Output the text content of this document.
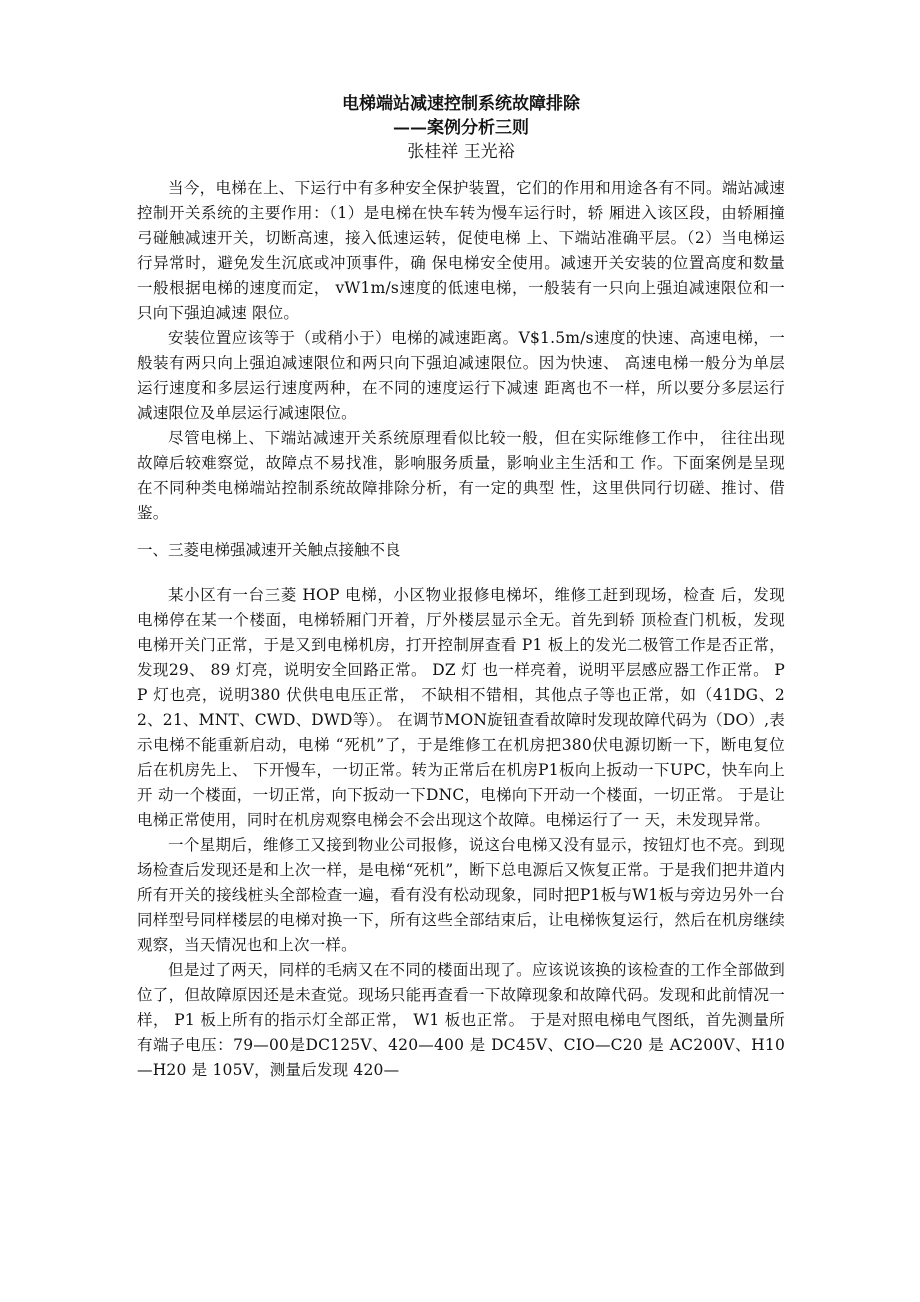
电梯端站减速控制系统故障排除

——案例分析三则

张桂祥 王光裕

当今，电梯在上、下运行中有多种安全保护装置，它们的作用和用途各有不同。端站减速控制开关系统的主要作用：（1）是电梯在快车转为慢车运行时，轿 厢进入该区段，由轿厢撞弓碰触减速开关，切断高速，接入低速运转，促使电梯 上、下端站准确平层。（2）当电梯运行异常时，避免发生沉底或冲顶事件，确 保电梯安全使用。减速开关安装的位置高度和数量一般根据电梯的速度而定， vW1m/s速度的低速电梯，一般装有一只向上强迫减速限位和一只向下强迫减速 限位。

安装位置应该等于（或稍小于）电梯的减速距离。V$1.5m/s速度的快速、高速电梯，一般装有两只向上强迫减速限位和两只向下强迫减速限位。因为快速、 高速电梯一般分为单层运行速度和多层运行速度两种，在不同的速度运行下减速 距离也不一样，所以要分多层运行减速限位及单层运行减速限位。

尽管电梯上、下端站减速开关系统原理看似比较一般，但在实际维修工作中， 往往出现故障后较难察觉，故障点不易找准，影响服务质量，影响业主生活和工 作。下面案例是呈现在不同种类电梯端站控制系统故障排除分析，有一定的典型 性，这里供同行切磋、推讨、借鉴。

一、三菱电梯强减速开关触点接触不良

某小区有一台三菱 HOP 电梯，小区物业报修电梯坏，维修工赶到现场，检查 后，发现电梯停在某一个楼面，电梯轿厢门开着，厅外楼层显示全无。首先到轿 顶检查门机板，发现电梯开关门正常，于是又到电梯机房，打开控制屏查看 P1 板上的发光二极管工作是否正常，发现29、 89 灯亮，说明安全回路正常。 DZ 灯 也一样亮着，说明平层感应器工作正常。 PP 灯也亮，说明380 伏供电电压正常， 不缺相不错相，其他点子等也正常，如（41DG、22、21、MNT、CWD、DWD等）。 在调节MON旋钮查看故障时发现故障代码为（DO）,表示电梯不能重新启动，电梯 “死机”了，于是维修工在机房把380伏电源切断一下，断电复位后在机房先上、 下开慢车，一切正常。转为正常后在机房P1板向上扳动一下UPC，快车向上开 动一个楼面，一切正常，向下扳动一下DNC，电梯向下开动一个楼面，一切正常。 于是让电梯正常使用，同时在机房观察电梯会不会出现这个故障。电梯运行了一 天，未发现异常。

一个星期后，维修工又接到物业公司报修，说这台电梯又没有显示，按钮灯也不亮。到现场检查后发现还是和上次一样，是电梯“死机”，断下总电源后又恢复正常。于是我们把井道内所有开关的接线桩头全部检查一遍，看有没有松动现象，同时把P1板与W1板与旁边另外一台同样型号同样楼层的电梯对换一下，所有这些全部结束后，让电梯恢复运行，然后在机房继续观察，当天情况也和上次一样。

但是过了两天，同样的毛病又在不同的楼面出现了。应该说该换的该检查的工作全部做到位了，但故障原因还是未查觉。现场只能再查看一下故障现象和故障代码。发现和此前情况一样， P1 板上所有的指示灯全部正常， W1 板也正常。 于是对照电梯电气图纸，首先测量所有端子电压：79—00是DC125V、420—400 是 DC45V、CIO—C20 是 AC200V、H10—H20 是 105V，测量后发现 420—
